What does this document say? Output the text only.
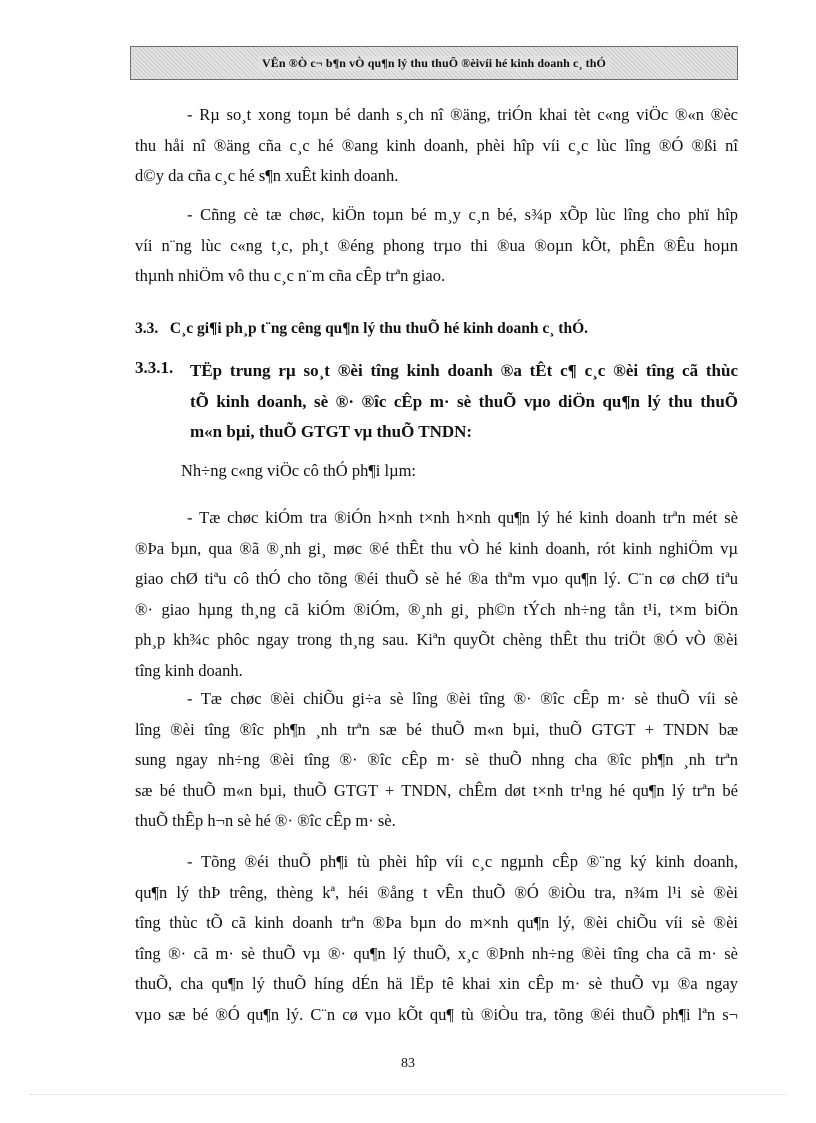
VÊn ®Ò c¬ b¶n vÒ qu¶n lý thu thuÕ ®èivíi hé kinh doanh c¸ thÓ
- Rµ so¸t xong toµn bé danh s¸ch nî ®äng, triÓn khai tèt c«ng viÖc ®«n ®èc
thu håi nî ®äng cña c¸c hé ®ang kinh doanh, phèi hîp víi c¸c lùc lîng ®Ó ®ßi nî
d©y da cña c¸c hé s¶n xuÊt kinh doanh.
- Cñng cè tæ chøc, kiÖn toµn bé m¸y c¸n bé, s¾p xÕp lùc lîng cho phï hîp
víi n¨ng lùc c«ng t¸c, ph¸t ®éng phong trµo thi ®ua ®oµn kÕt, phÊn ®Êu hoµn
thµnh nhiÖm vô thu c¸c n¨m cña cÊp trªn giao.
3.3. C¸c gi¶i ph¸p t¨ng cêng qu¶n lý thu thuÕ hé kinh doanh c¸ thÓ.
3.3.1. TËp trung rµ so¸t ®èi tîng kinh doanh ®a tÊt c¶ c¸c ®èi tîng cã thùc
tÕ kinh doanh, sè ®· ®îc cÊp m· sè thuÕ vµo diÖn qu¶n lý thu thuÕ
m«n bµi, thuÕ GTGT vµ thuÕ TNDN:
Nh÷ng c«ng viÖc cô thÓ ph¶i lµm:
- Tæ chøc kiÓm tra ®iÓn h×nh t×nh h×nh qu¶n lý hé kinh doanh trªn mét sè
®Þa bµn, qua ®ã ®¸nh gi¸ møc ®é thÊt thu vÒ hé kinh doanh, rót kinh nghiÖm vµ
giao chØ tiªu cô thÓ cho tõng ®éi thuÕ sè hé ®a thªm vµo qu¶n lý. C¨n cø chØ tiªu
®· giao hµng th¸ng cã kiÓm ®iÓm, ®¸nh gi¸ ph©n tÝch nh÷ng tån t¹i, t×m biÖn
ph¸p kh¾c phôc ngay trong th¸ng sau. Kiªn quyÕt chèng thÊt thu triÖt ®Ó vÒ ®èi
tîng kinh doanh.
- Tæ chøc ®èi chiÕu gi÷a sè lîng ®èi tîng ®· ®îc cÊp m· sè thuÕ víi sè
lîng ®èi tîng ®îc ph¶n ¸nh trªn sæ bé thuÕ m«n bµi, thuÕ GTGT + TNDN bæ
sung ngay nh÷ng ®èi tîng ®· ®îc cÊp m· sè thuÕ nhng cha ®îc ph¶n ¸nh trªn
sæ bé thuÕ m«n bµi, thuÕ GTGT + TNDN, chÊm døt t×nh tr¹ng hé qu¶n lý trªn bé
thuÕ thÊp h¬n sè hé ®· ®îc cÊp m· sè.
- Tõng ®éi thuÕ ph¶i tù phèi hîp víi c¸c ngµnh cÊp ®¨ng ký kinh doanh,
qu¶n lý thÞ trêng, thèng kª, héi ®ång t vÊn thuÕ ®Ó ®iÒu tra, n¾m l¹i sè ®èi
tîng thùc tÕ cã kinh doanh trªn ®Þa bµn do m×nh qu¶n lý, ®èi chiÕu víi sè ®èi
tîng ®· cã m· sè thuÕ vµ ®· qu¶n lý thuÕ, x¸c ®Þnh nh÷ng ®èi tîng cha cã m· sè
thuÕ, cha qu¶n lý thuÕ híng dÉn hä lËp tê khai xin cÊp m· sè thuÕ vµ ®a ngay
vµo sæ bé ®Ó qu¶n lý. C¨n cø vµo kÕt qu¶ tù ®iÒu tra, tõng ®éi thuÕ ph¶i lªn s¬
83
